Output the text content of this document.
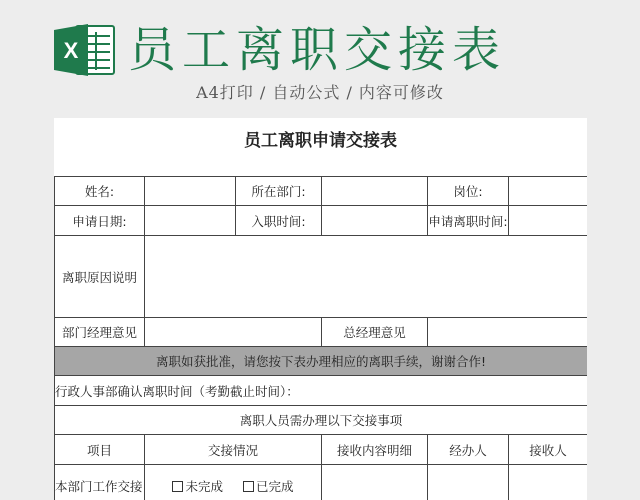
X 员工离职交接表
A4打印 / 自动公式 / 内容可修改
员工离职申请交接表
姓名:		所在部门:		岗位:	
申请日期:		入职时间:		申请离职时间:	
离职原因说明					
部门经理意见			总经理意见		
离职如获批准，请您按下表办理相应的离职手续，谢谢合作!					
行政人事部确认离职时间（考勤截止时间）：					
离职人员需办理以下交接事项					
项目	交接情况		接收内容明细	经办人	接收人
本部门工作交接	未完成 已完成				
